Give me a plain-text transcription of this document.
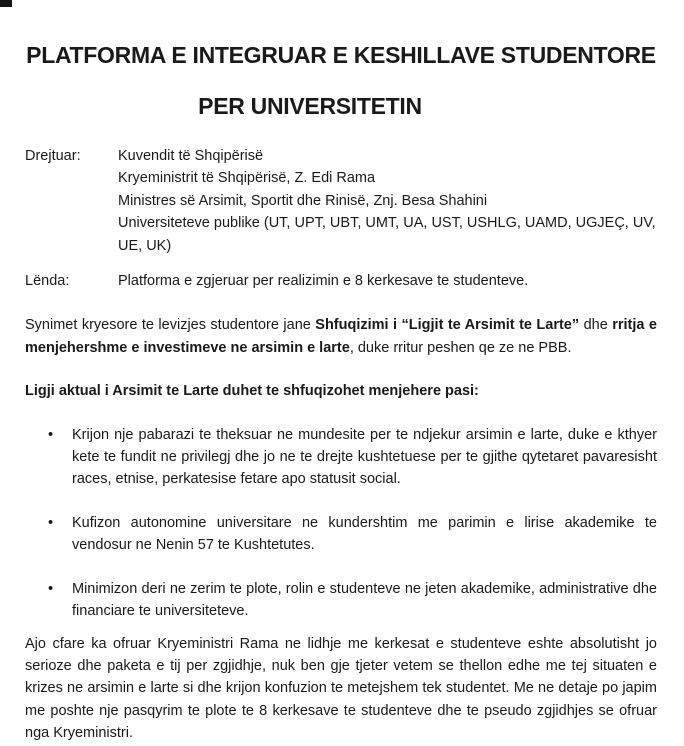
PLATFORMA E INTEGRUAR E KESHILLAVE STUDENTORE
PER UNIVERSITETIN
Drejtuar:	Kuvendit të Shqipërisë
Kryeministrit të Shqipërisë, Z. Edi Rama
Ministres së Arsimit, Sportit dhe Rinisë, Znj. Besa Shahini
Universiteteve publike (UT, UPT, UBT, UMT, UA, UST, USHLG, UAMD, UGJEÇ, UV, UE, UK)
Lënda:	Platforma e zgjeruar per realizimin e 8 kerkesave te studenteve.

Synimet kryesore te levizjes studentore jane Shfuqizimi i “Ligjit te Arsimit te Larte” dhe rritja e menjehershme e investimeve ne arsimin e larte, duke rritur peshen qe ze ne PBB.

Ligji aktual i Arsimit te Larte duhet te shfuqizohet menjehere pasi:

•	Krijon nje pabarazi te theksuar ne mundesite per te ndjekur arsimin e larte, duke e kthyer kete te fundit ne privilegj dhe jo ne te drejte kushtetuese per te gjithe qytetaret pavaresisht races, etnise, perkatesise fetare apo statusit social.
•	Kufizon autonomine universitare ne kundershtim me parimin e lirise akademike te vendosur ne Nenin 57 te Kushtetutes.
•	Minimizon deri ne zerim te plote, rolin e studenteve ne jeten akademike, administrative dhe financiare te universiteteve.

Ajo cfare ka ofruar Kryeministri Rama ne lidhje me kerkesat e studenteve eshte absolutisht jo serioze dhe paketa e tij per zgjidhje, nuk ben gje tjeter vetem se thellon edhe me tej situaten e krizes ne arsimin e larte si dhe krijon konfuzion te metejshem tek studentet. Me ne detaje po japim me poshte nje pasqyrim te plote te 8 kerkesave te studenteve dhe te pseudo zgjidhjes se ofruar nga Kryeministri.
